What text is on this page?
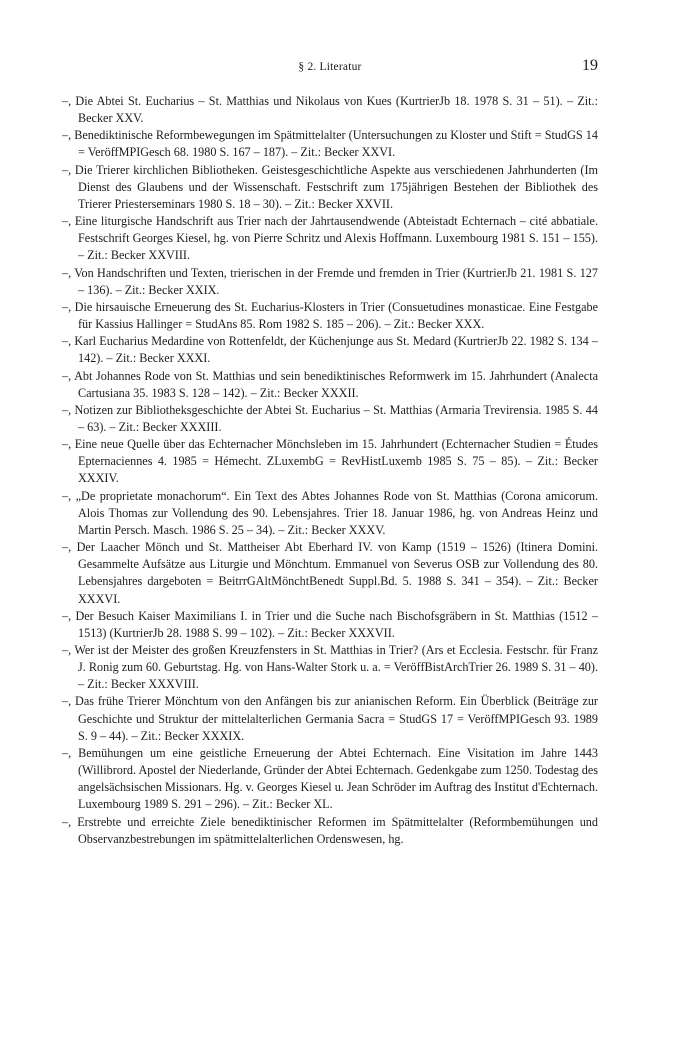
§ 2. Literatur	19

–, Die Abtei St. Eucharius – St. Matthias und Nikolaus von Kues (KurtrierJb 18. 1978 S. 31 – 51). – Zit.: Becker XXV.

–, Benediktinische Reformbewegungen im Spätmittelalter (Untersuchungen zu Kloster und Stift = StudGS 14 = VeröffMPIGesch 68. 1980 S. 167 – 187). – Zit.: Becker XXVI.

–, Die Trierer kirchlichen Bibliotheken. Geistesgeschichtliche Aspekte aus verschiedenen Jahrhunderten (Im Dienst des Glaubens und der Wissenschaft. Festschrift zum 175jährigen Bestehen der Bibliothek des Trierer Priesterseminars 1980 S. 18 – 30). – Zit.: Becker XXVII.

–, Eine liturgische Handschrift aus Trier nach der Jahrtausendwende (Abteistadt Echternach – cité abbatiale. Festschrift Georges Kiesel, hg. von Pierre Schritz und Alexis Hoffmann. Luxembourg 1981 S. 151 – 155). – Zit.: Becker XXVIII.

–, Von Handschriften und Texten, trierischen in der Fremde und fremden in Trier (KurtrierJb 21. 1981 S. 127 – 136). – Zit.: Becker XXIX.

–, Die hirsauische Erneuerung des St. Eucharius-Klosters in Trier (Consuetudines monasticae. Eine Festgabe für Kassius Hallinger = StudAns 85. Rom 1982 S. 185 – 206). – Zit.: Becker XXX.

–, Karl Eucharius Medardine von Rottenfeldt, der Küchenjunge aus St. Medard (KurtrierJb 22. 1982 S. 134 – 142). – Zit.: Becker XXXI.

–, Abt Johannes Rode von St. Matthias und sein benediktinisches Reformwerk im 15. Jahrhundert (Analecta Cartusiana 35. 1983 S. 128 – 142). – Zit.: Becker XXXII.

–, Notizen zur Bibliotheksgeschichte der Abtei St. Eucharius – St. Matthias (Armaria Trevirensia. 1985 S. 44 – 63). – Zit.: Becker XXXIII.

–, Eine neue Quelle über das Echternacher Mönchsleben im 15. Jahrhundert (Echternacher Studien = Études Epternaciennes 4. 1985 = Hémecht. ZLuxembG = RevHistLuxemb 1985 S. 75 – 85). – Zit.: Becker XXXIV.

–, „De proprietate monachorum“. Ein Text des Abtes Johannes Rode von St. Matthias (Corona amicorum. Alois Thomas zur Vollendung des 90. Lebensjahres. Trier 18. Januar 1986, hg. von Andreas Heinz und Martin Persch. Masch. 1986 S. 25 – 34). – Zit.: Becker XXXV.

–, Der Laacher Mönch und St. Mattheiser Abt Eberhard IV. von Kamp (1519 – 1526) (Itinera Domini. Gesammelte Aufsätze aus Liturgie und Mönchtum. Emmanuel von Severus OSB zur Vollendung des 80. Lebensjahres dargeboten = BeitrrGAltMönchtBenedt Suppl.Bd. 5. 1988 S. 341 – 354). – Zit.: Becker XXXVI.

–, Der Besuch Kaiser Maximilians I. in Trier und die Suche nach Bischofsgräbern in St. Matthias (1512 – 1513) (KurtrierJb 28. 1988 S. 99 – 102). – Zit.: Becker XXXVII.

–, Wer ist der Meister des großen Kreuzfensters in St. Matthias in Trier? (Ars et Ecclesia. Festschr. für Franz J. Ronig zum 60. Geburtstag. Hg. von Hans-Walter Stork u. a. = VeröffBistArchTrier 26. 1989 S. 31 – 40). – Zit.: Becker XXXVIII.

–, Das frühe Trierer Mönchtum von den Anfängen bis zur anianischen Reform. Ein Überblick (Beiträge zur Geschichte und Struktur der mittelalterlichen Germania Sacra = StudGS 17 = VeröffMPIGesch 93. 1989 S. 9 – 44). – Zit.: Becker XXXIX.

–, Bemühungen um eine geistliche Erneuerung der Abtei Echternach. Eine Visitation im Jahre 1443 (Willibrord. Apostel der Niederlande, Gründer der Abtei Echternach. Gedenkgabe zum 1250. Todestag des angelsächsischen Missionars. Hg. v. Georges Kiesel u. Jean Schröder im Auftrag des Institut d'Echternach. Luxembourg 1989 S. 291 – 296). – Zit.: Becker XL.

–, Erstrebte und erreichte Ziele benediktinischer Reformen im Spätmittelalter (Reformbemühungen und Observanzbestrebungen im spätmittelalterlichen Ordenswesen, hg.
